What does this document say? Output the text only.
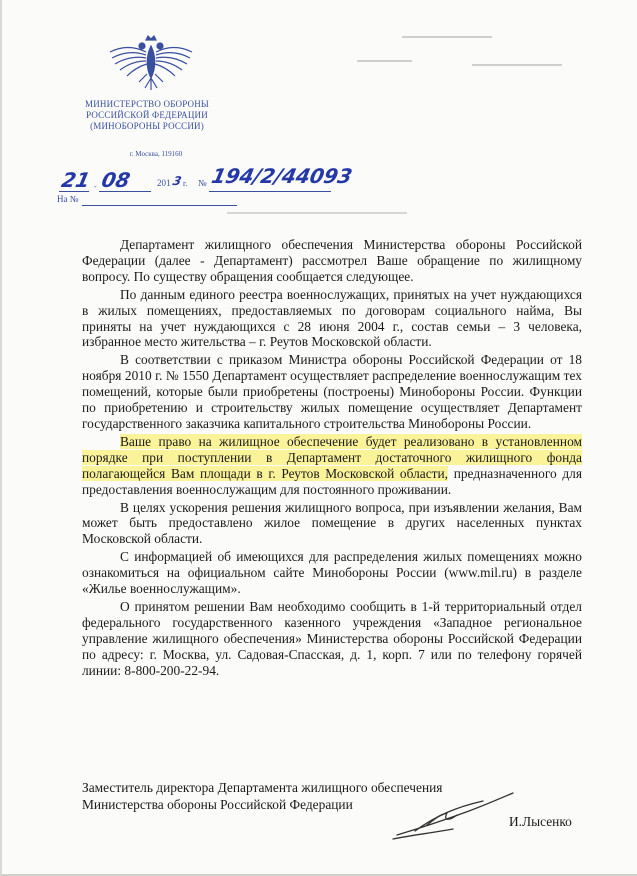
МИНИСТЕРСТВО ОБОРОНЫ
РОССИЙСКОЙ ФЕДЕРАЦИИ
(МИНОБОРОНЫ РОССИИ)
г. Москва, 119160
21 - 08	201 3 г. № 194/2/44093
На №

Департамент жилищного обеспечения Министерства обороны Российской Федерации (далее - Департамент) рассмотрел Ваше обращение по жилищному вопросу. По существу обращения сообщается следующее.

По данным единого реестра военнослужащих, принятых на учет нуждающихся в жилых помещениях, предоставляемых по договорам социального найма, Вы приняты на учет нуждающихся с 28 июня 2004 г., состав семьи – 3 человека, избранное место жительства – г. Реутов Московской области.

В соответствии с приказом Министра обороны Российской Федерации от 18 ноября 2010 г. № 1550 Департамент осуществляет распределение военнослужащим тех помещений, которые были приобретены (построены) Минобороны России. Функции по приобретению и строительству жилых помещение осуществляет Департамент государственного заказчика капитального строительства Минобороны России.

Ваше право на жилищное обеспечение будет реализовано в установленном порядке при поступлении в Департамент достаточного жилищного фонда полагающейся Вам площади в г. Реутов Московской области, предназначенного для предоставления военнослужащим для постоянного проживании.

В целях ускорения решения жилищного вопроса, при изъявлении желания, Вам может быть предоставлено жилое помещение в других населенных пунктах Московской области.

С информацией об имеющихся для распределения жилых помещениях можно ознакомиться на официальном сайте Минобороны России (www.mil.ru) в разделе «Жилье военнослужащим».

О принятом решении Вам необходимо сообщить в 1-й территориальный отдел федерального государственного казенного учреждения «Западное региональное управление жилищного обеспечения» Министерства обороны Российской Федерации по адресу: г. Москва, ул. Садовая-Спасская, д. 1, корп. 7 или по телефону горячей линии: 8-800-200-22-94.

Заместитель директора Департамента жилищного обеспечения
Министерства обороны Российской Федерации
И.Лысенко
